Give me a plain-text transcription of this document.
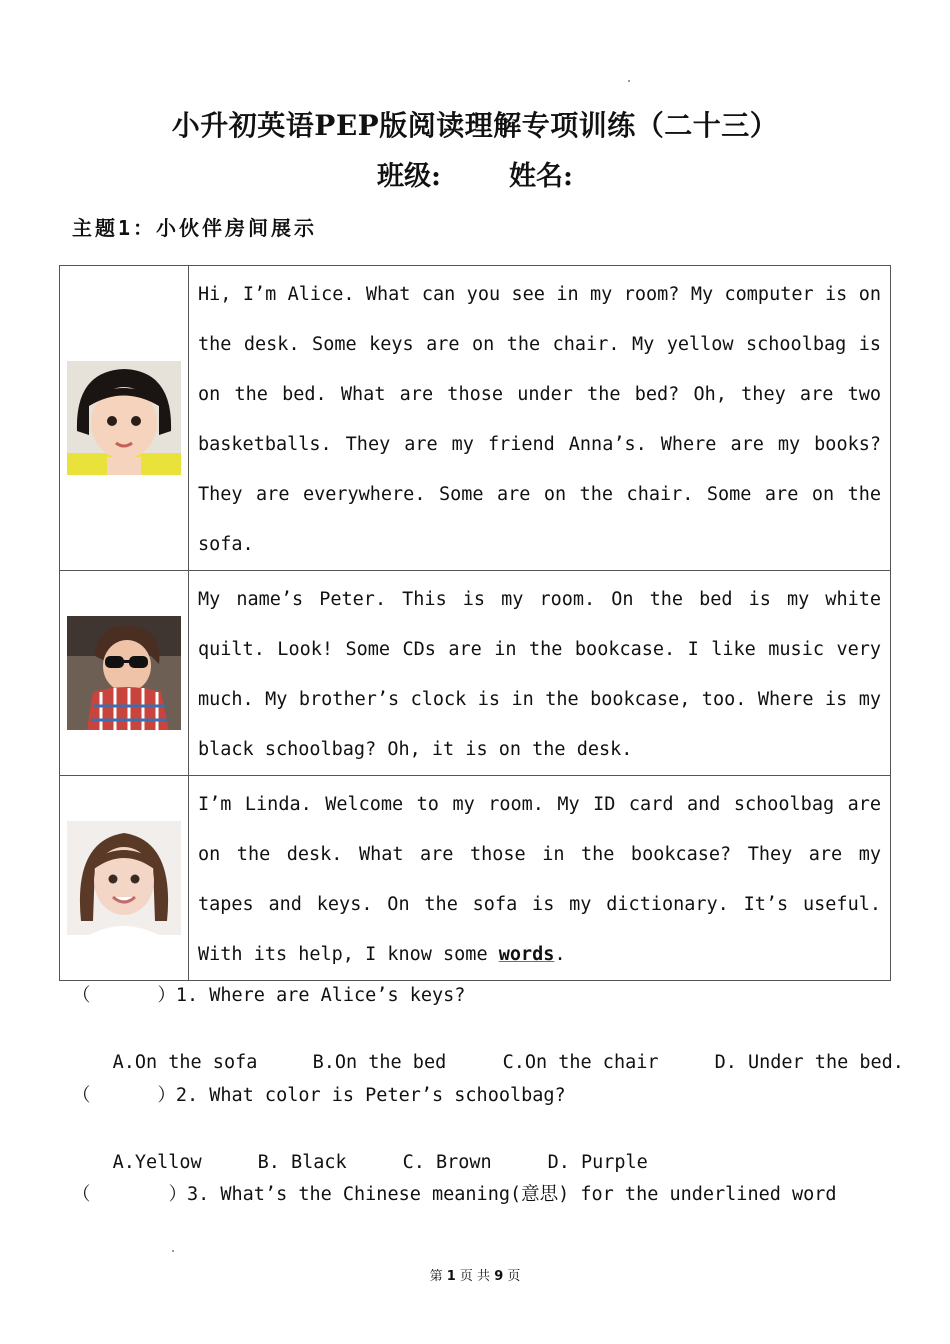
小升初英语PEP版阅读理解专项训练（二十三）
班级:	姓名:
主题1：小伙伴房间展示

Hi, I’m Alice. What can you see in my room? My computer is on the desk. Some keys are on the chair. My yellow schoolbag is on the bed. What are those under the bed? Oh, they are two basketballs. They are my friend Anna’s. Where are my books? They are everywhere. Some are on the chair. Some are on the sofa.

My name’s Peter. This is my room. On the bed is my white quilt. Look! Some CDs are in the bookcase. I like music very much. My brother’s clock is in the bookcase, too. Where is my black schoolbag? Oh, it is on the desk.

I’m Linda. Welcome to my room. My ID card and schoolbag are on the desk. What are those in the bookcase? They are my tapes and keys. On the sofa is my dictionary. It’s useful. With its help, I know some words.

（      ）1. Where are Alice’s keys?

A.On the sofa	B.On the bed	C.On the chair	D. Under the bed.

（      ）2. What color is Peter’s schoolbag?

A.Yellow	B. Black	C. Brown	D. Purple

（       ）3. What’s the Chinese meaning(意思) for the underlined word
第 1 页 共 9 页
